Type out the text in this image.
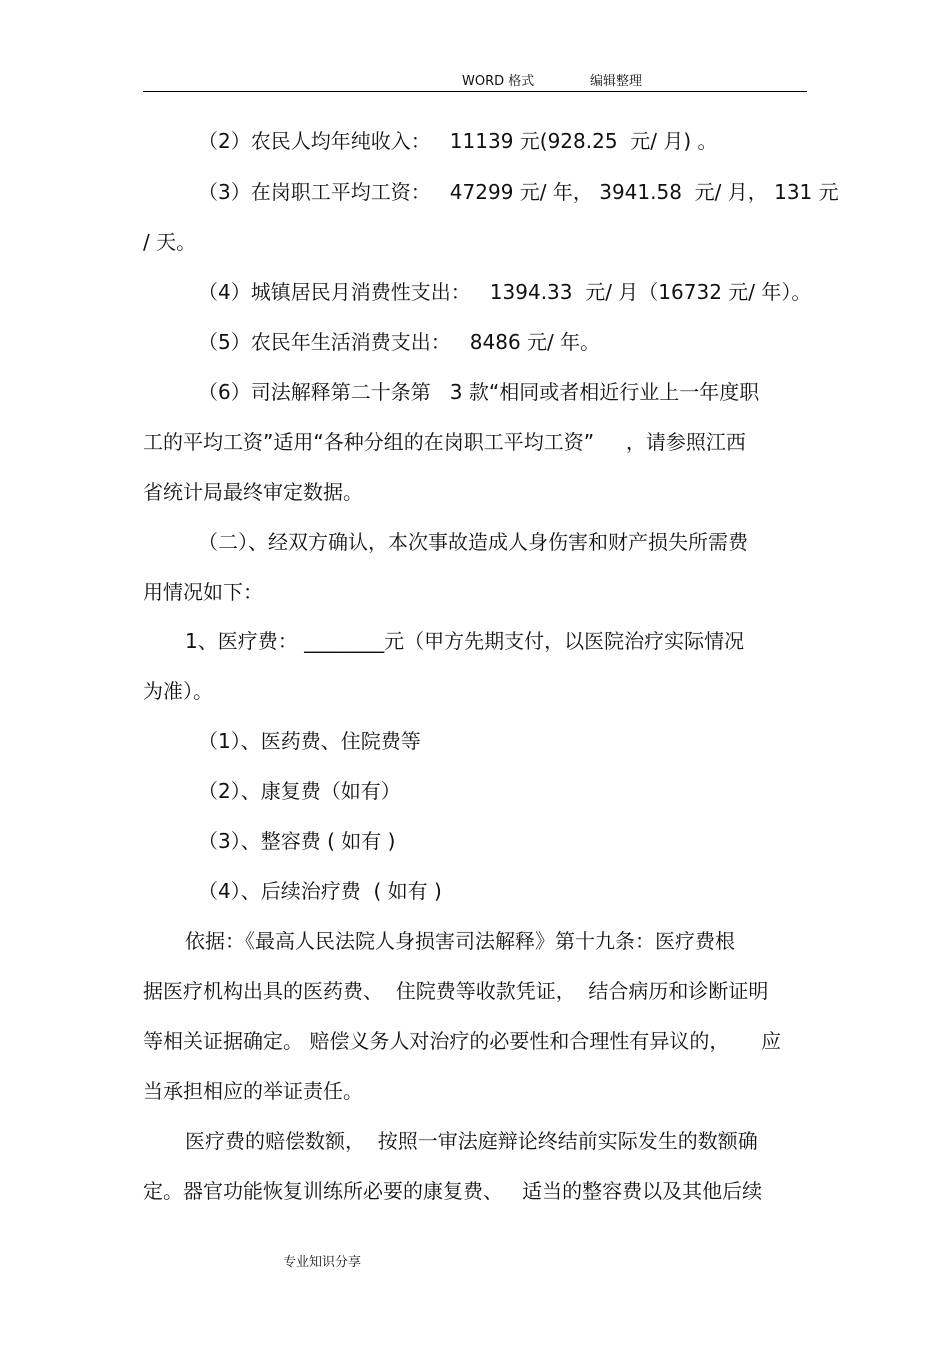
WORD 格式	编辑整理
（2）农民人均年纯收入：   11139 元(928.25  元/ 月) 。
（3）在岗职工平均工资：   47299 元/ 年， 3941.58  元/ 月， 131 元
/ 天。
（4）城镇居民月消费性支出：   1394.33  元/ 月（16732 元/ 年）。
（5）农民年生活消费支出：   8486 元/ 年。
（6）司法解释第二十条第   3 款“相同或者相近行业上一年度职
工的平均工资”适用“各种分组的在岗职工平均工资”     ，请参照江西
省统计局最终审定数据。
（二）、经双方确认，本次事故造成人身伤害和财产损失所需费
用情况如下：
1、医疗费： ________元（甲方先期支付，以医院治疗实际情况
为准）。
（1）、医药费、住院费等
（2）、康复费（如有）
（3）、整容费 ( 如有 )
（4）、后续治疗费  ( 如有 )
依据：《最高人民法院人身损害司法解释》第十九条：医疗费根
据医疗机构出具的医药费、  住院费等收款凭证，  结合病历和诊断证明
等相关证据确定。 赔偿义务人对治疗的必要性和合理性有异议的，     应
当承担相应的举证责任。
医疗费的赔偿数额，  按照一审法庭辩论终结前实际发生的数额确
定。器官功能恢复训练所必要的康复费、   适当的整容费以及其他后续
专业知识分享
